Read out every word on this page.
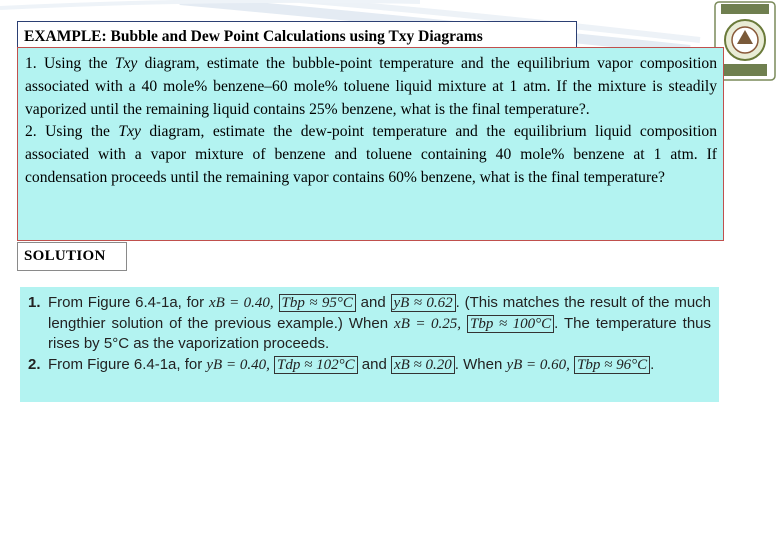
EXAMPLE: Bubble and Dew Point Calculations using Txy Diagrams

1. Using the Txy diagram, estimate the bubble-point temperature and the equilibrium vapor composition associated with a 40 mole% benzene–60 mole% toluene liquid mixture at 1 atm. If the mixture is steadily vaporized until the remaining liquid contains 25% benzene, what is the final temperature?.

2. Using the Txy diagram, estimate the dew-point temperature and the equilibrium liquid composition associated with a vapor mixture of benzene and toluene containing 40 mole% benzene at 1 atm. If condensation proceeds until the remaining vapor contains 60% benzene, what is the final temperature?

SOLUTION
1. From Figure 6.4-1a, for xB = 0.40, Tbp ≈ 95°C and yB ≈ 0.62 . (This matches the result of the much lengthier solution of the previous example.) When xB = 0.25, Tbp ≈ 100°C . The temperature thus rises by 5°C as the vaporization proceeds.
2. From Figure 6.4-1a, for yB = 0.40, Tdp ≈ 102°C and xB ≈ 0.20 . When yB = 0.60, Tbp ≈ 96°C .
